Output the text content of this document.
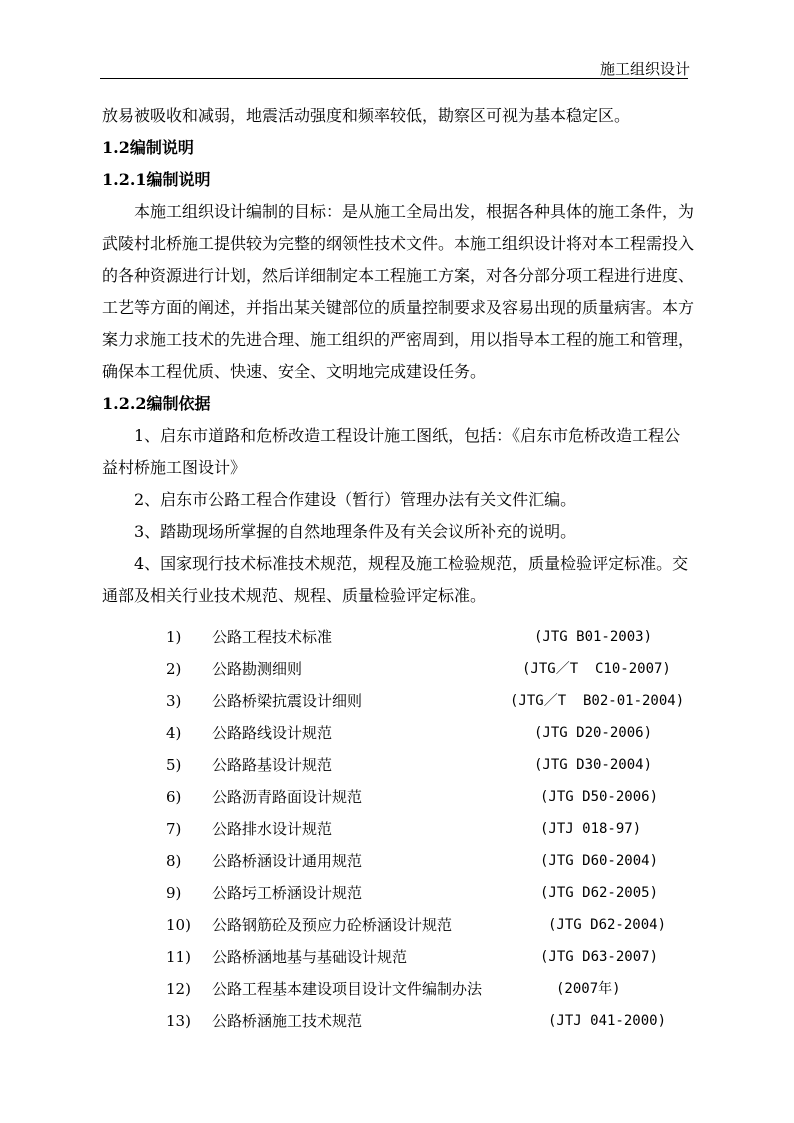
施工组织设计

放易被吸收和减弱，地震活动强度和频率较低，勘察区可视为基本稳定区。

1.2编制说明

1.2.1编制说明

本施工组织设计编制的目标：是从施工全局出发，根据各种具体的施工条件，为

武陵村北桥施工提供较为完整的纲领性技术文件。本施工组织设计将对本工程需投入

的各种资源进行计划，然后详细制定本工程施工方案，对各分部分项工程进行进度、

工艺等方面的阐述，并指出某关键部位的质量控制要求及容易出现的质量病害。本方

案力求施工技术的先进合理、施工组织的严密周到，用以指导本工程的施工和管理，

确保本工程优质、快速、安全、文明地完成建设任务。

1.2.2编制依据

1、启东市道路和危桥改造工程设计施工图纸，包括：《启东市危桥改造工程公

益村桥施工图设计》

2、启东市公路工程合作建设（暂行）管理办法有关文件汇编。

3、踏勘现场所掌握的自然地理条件及有关会议所补充的说明。

4、国家现行技术标准技术规范，规程及施工检验规范，质量检验评定标准。交

通部及相关行业技术规范、规程、质量检验评定标准。

1) 公路工程技术标准	(JTG B01-2003)
2) 公路勘测细则	(JTG／T  C10-2007)
3) 公路桥梁抗震设计细则	(JTG／T  B02-01-2004)
4) 公路路线设计规范	(JTG D20-2006)
5) 公路路基设计规范	(JTG D30-2004)
6) 公路沥青路面设计规范	(JTG D50-2006)
7) 公路排水设计规范	(JTJ 018-97)
8) 公路桥涵设计通用规范	(JTG D60-2004)
9) 公路圬工桥涵设计规范	(JTG D62-2005)
10) 公路钢筋砼及预应力砼桥涵设计规范	(JTG D62-2004)
11) 公路桥涵地基与基础设计规范	(JTG D63-2007)
12) 公路工程基本建设项目设计文件编制办法	(2007年)
13) 公路桥涵施工技术规范	(JTJ 041-2000)
